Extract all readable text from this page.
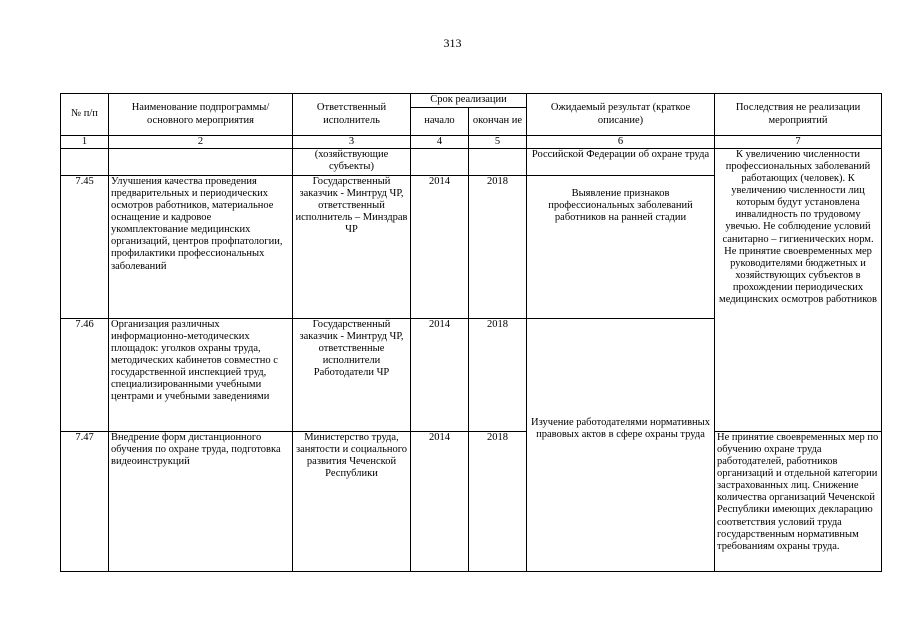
313
№ п/п	Наименование подпрограммы/ основного мероприятия	Ответственный исполнитель	Срок реализации		Ожидаемый результат (краткое описание)	Последствия не реализации мероприятий
			начало	окончан ие		
1	2	3	4	5	6	7
		(хозяйствующие субъекты)			Российской Федерации об охране труда	К увеличению численности профессиональных заболеваний работающих (человек). К увеличению численности лиц которым будут установлена инвалидность по трудовому увечью. Не соблюдение условий санитарно – гигиенических норм. Не принятие своевременных мер руководителями бюджетных и хозяйствующих субъектов в прохождении периодических медицинских осмотров работников
7.45	Улучшения качества проведения предварительных и периодических осмотров работников, материальное оснащение и кадровое укомплектование медицинских организаций, центров профпатологии, профилактики профессиональных заболеваний	Государственный заказчик - Минтруд ЧР, ответственный исполнитель – Минздрав ЧР	2014	2018	Выявление признаков профессиональных заболеваний работников на ранней стадии	
7.46	Организация различных информационно-методических площадок: уголков охраны труда, методических кабинетов совместно с государственной инспекцией труд, специализированными учебными центрами и учебными заведениями	Государственный заказчик - Минтруд ЧР, ответственные исполнители Работодатели ЧР	2014	2018	Изучение работодателями нормативных правовых актов в сфере охраны труда	
7.47	Внедрение форм дистанционного обучения по охране труда, подготовка видеоинструкций	Министерство труда, занятости и социального развития Чеченской Республики	2014	2018		Не принятие своевременных мер по обучению охране труда работодателей, работников организаций и отдельной категории застрахованных лиц. Снижение количества организаций Чеченской Республики имеющих декларацию соответствия условий труда государственным нормативным требованиям охраны труда.
